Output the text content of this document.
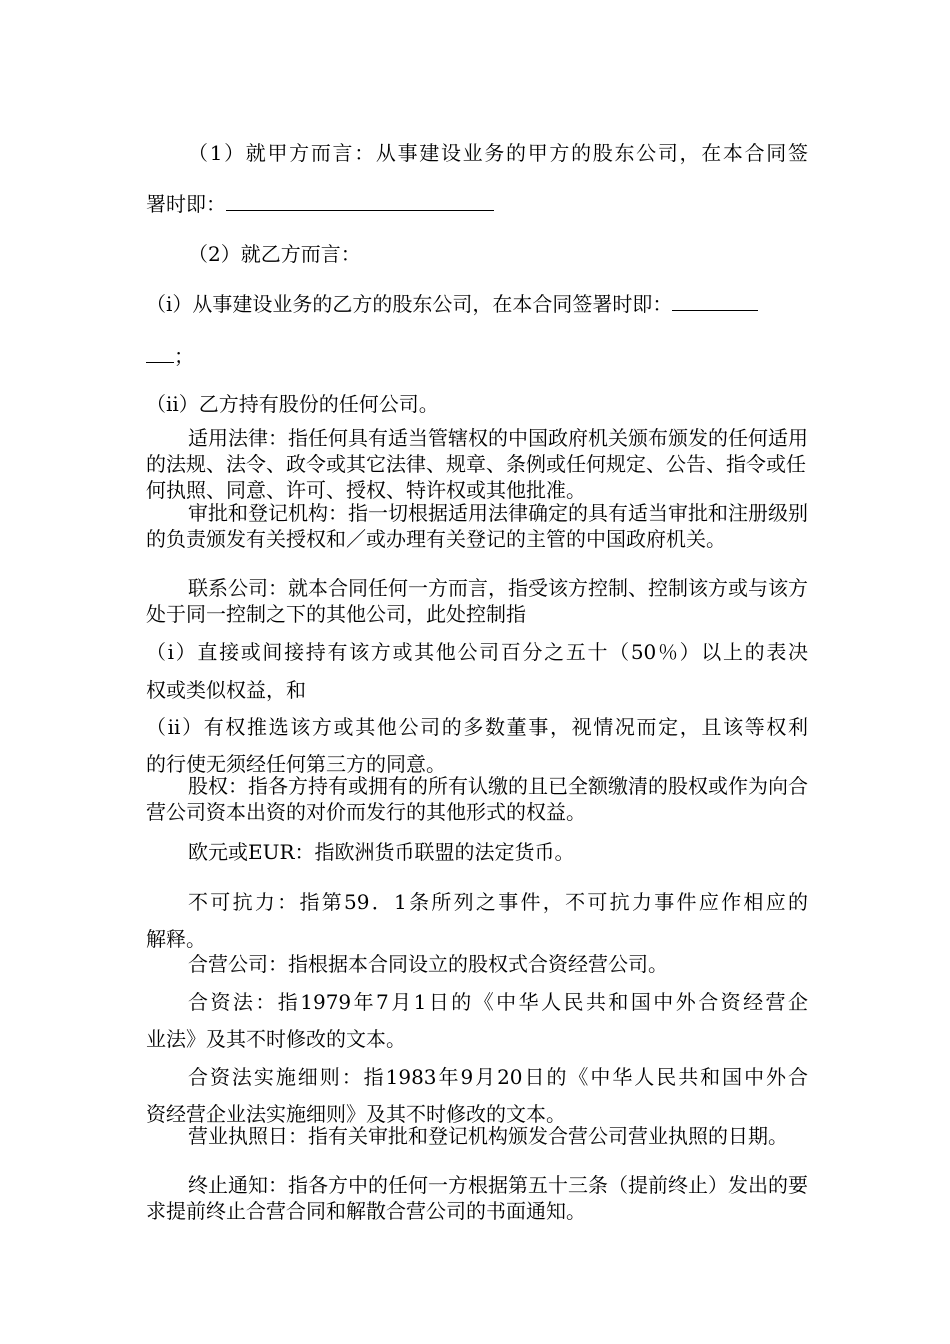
（1）就甲方而言：从事建设业务的甲方的股东公司，在本合同签

署时即：

（2）就乙方而言：

（i）从事建设业务的乙方的股东公司，在本合同签署时即：

；

（ii）乙方持有股份的任何公司。

适用法律：指任何具有适当管辖权的中国政府机关颁布颁发的任何适用的法规、法令、政令或其它法律、规章、条例或任何规定、公告、指令或任何执照、同意、许可、授权、特许权或其他批准。

审批和登记机构：指一切根据适用法律确定的具有适当审批和注册级别的负责颁发有关授权和／或办理有关登记的主管的中国政府机关。

联系公司：就本合同任何一方而言，指受该方控制、控制该方或与该方处于同一控制之下的其他公司，此处控制指

（i）直接或间接持有该方或其他公司百分之五十（50％）以上的表决

权或类似权益，和

（ii）有权推选该方或其他公司的多数董事，视情况而定，且该等权利

的行使无须经任何第三方的同意。

股权：指各方持有或拥有的所有认缴的且已全额缴清的股权或作为向合营公司资本出资的对价而发行的其他形式的权益。

欧元或EUR：指欧洲货币联盟的法定货币。

不可抗力：指第59．1条所列之事件，不可抗力事件应作相应的

解释。

合营公司：指根据本合同设立的股权式合资经营公司。

合资法：指1979年7月1日的《中华人民共和国中外合资经营企

业法》及其不时修改的文本。

合资法实施细则：指1983年9月20日的《中华人民共和国中外合

资经营企业法实施细则》及其不时修改的文本。

营业执照日：指有关审批和登记机构颁发合营公司营业执照的日期。

终止通知：指各方中的任何一方根据第五十三条（提前终止）发出的要求提前终止合营合同和解散合营公司的书面通知。
